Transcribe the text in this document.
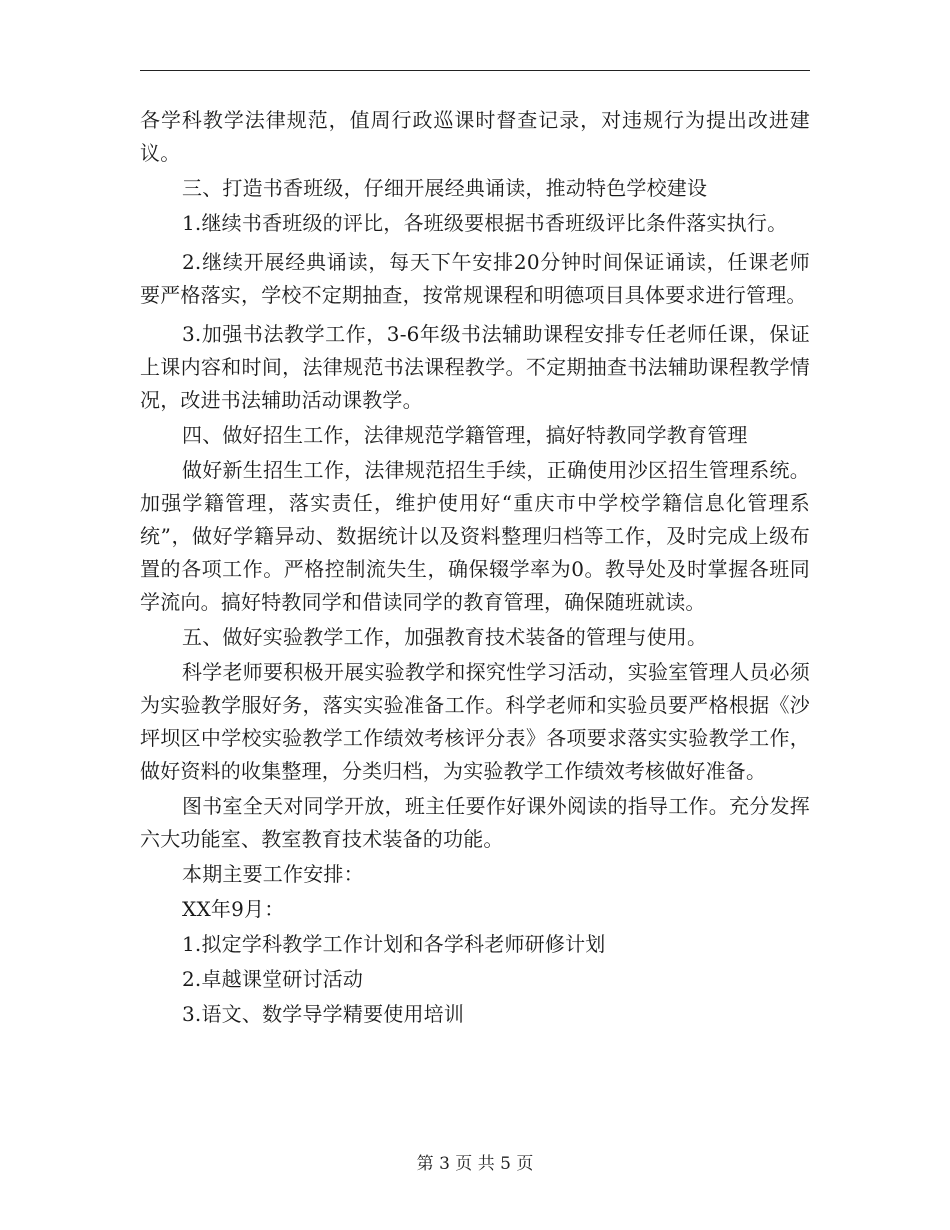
各学科教学法律规范，值周行政巡课时督查记录，对违规行为提出改进建议。

三、打造书香班级，仔细开展经典诵读，推动特色学校建设

1.继续书香班级的评比，各班级要根据书香班级评比条件落实执行。

2.继续开展经典诵读，每天下午安排20分钟时间保证诵读，任课老师要严格落实，学校不定期抽查，按常规课程和明德项目具体要求进行管理。

3.加强书法教学工作，3-6年级书法辅助课程安排专任老师任课，保证上课内容和时间，法律规范书法课程教学。不定期抽查书法辅助课程教学情况，改进书法辅助活动课教学。

四、做好招生工作，法律规范学籍管理，搞好特教同学教育管理

做好新生招生工作，法律规范招生手续，正确使用沙区招生管理系统。加强学籍管理，落实责任，维护使用好“重庆市中学校学籍信息化管理系统”，做好学籍异动、数据统计以及资料整理归档等工作，及时完成上级布置的各项工作。严格控制流失生，确保辍学率为0。教导处及时掌握各班同学流向。搞好特教同学和借读同学的教育管理，确保随班就读。

五、做好实验教学工作，加强教育技术装备的管理与使用。

科学老师要积极开展实验教学和探究性学习活动，实验室管理人员必须为实验教学服好务，落实实验准备工作。科学老师和实验员要严格根据《沙坪坝区中学校实验教学工作绩效考核评分表》各项要求落实实验教学工作，做好资料的收集整理，分类归档，为实验教学工作绩效考核做好准备。

图书室全天对同学开放，班主任要作好课外阅读的指导工作。充分发挥六大功能室、教室教育技术装备的功能。

本期主要工作安排：

XX年9月：

1.拟定学科教学工作计划和各学科老师研修计划

2.卓越课堂研讨活动

3.语文、数学导学精要使用培训

第 3 页 共 5 页
